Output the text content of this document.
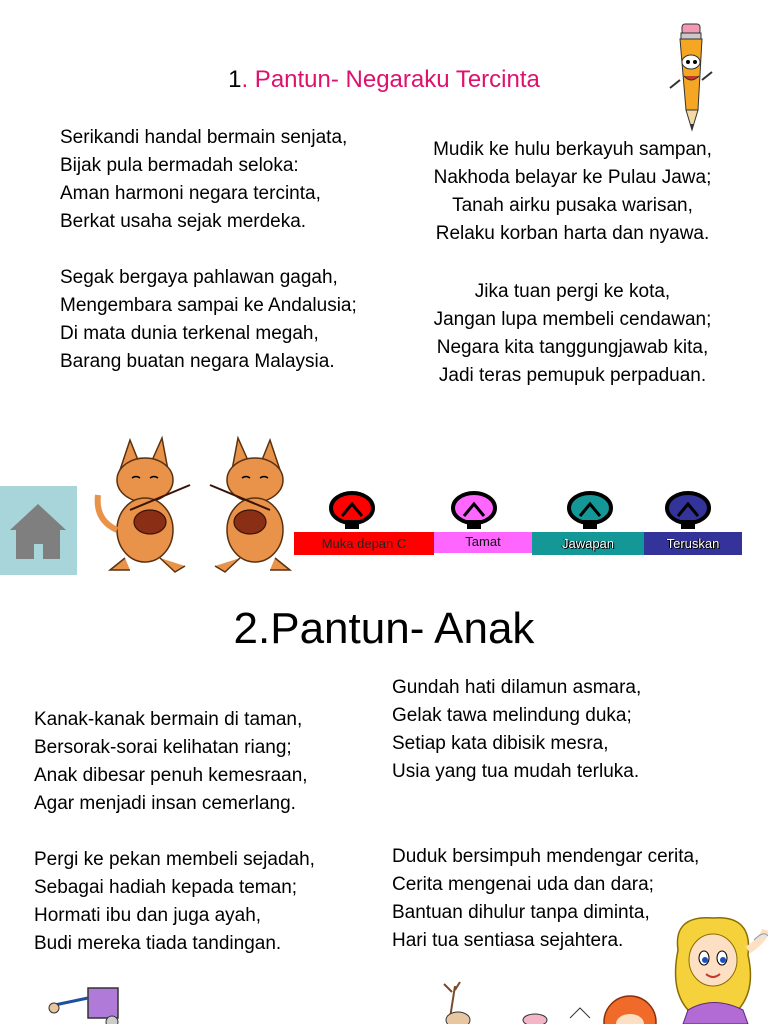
1. Pantun- Negaraku Tercinta
Serikandi handal bermain senjata,
Bijak pula bermadah seloka:
Aman harmoni negara tercinta,
Berkat usaha sejak merdeka.
Segak bergaya pahlawan gagah,
Mengembara sampai ke Andalusia;
Di mata dunia terkenal megah,
Barang buatan negara Malaysia.
Mudik ke hulu berkayuh sampan,
Nakhoda belayar ke Pulau Jawa;
Tanah airku pusaka warisan,
Relaku korban harta dan nyawa.
Jika tuan pergi ke kota,
Jangan lupa membeli cendawan;
Negara kita tanggungjawab kita,
Jadi teras pemupuk perpaduan.
Muka depan C	Tamat	Jawapan	Teruskan
2.Pantun- Anak
Kanak-kanak bermain di taman,
Bersorak-sorai kelihatan riang;
Anak dibesar penuh kemesraan,
Agar menjadi insan cemerlang.
Pergi ke pekan membeli sejadah,
Sebagai hadiah kepada teman;
Hormati ibu dan juga ayah,
Budi mereka tiada tandingan.
Gundah hati dilamun asmara,
Gelak tawa melindung duka;
Setiap kata dibisik mesra,
Usia yang tua mudah terluka.
Duduk bersimpuh mendengar cerita,
Cerita mengenai uda dan dara;
Bantuan dihulur tanpa diminta,
Hari tua sentiasa sejahtera.
